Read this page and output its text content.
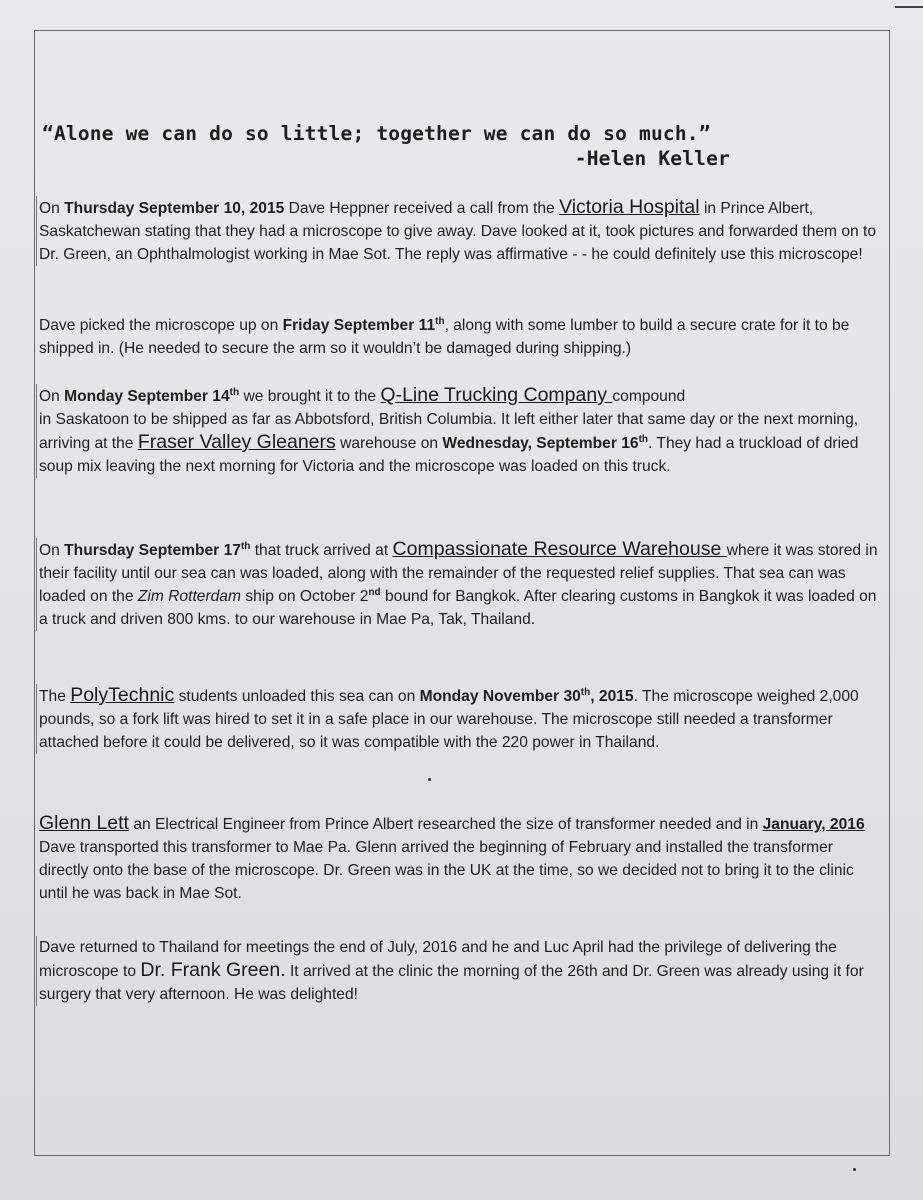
“Alone we can do so little; together we can do so much.”
-Helen Keller
On Thursday September 10, 2015 Dave Heppner received a call from the Victoria Hospital in Prince Albert, Saskatchewan stating that they had a microscope to give away. Dave looked at it, took pictures and forwarded them on to Dr. Green, an Ophthalmologist working in Mae Sot. The reply was affirmative - - he could definitely use this microscope!
Dave picked the microscope up on Friday September 11th, along with some lumber to build a secure crate for it to be shipped in. (He needed to secure the arm so it wouldn’t be damaged during shipping.)
On Monday September 14th we brought it to the Q-Line Trucking Company compound
in Saskatoon to be shipped as far as Abbotsford, British Columbia. It left either later that same day or the next morning, arriving at the Fraser Valley Gleaners warehouse on Wednesday, September 16th. They had a truckload of dried soup mix leaving the next morning for Victoria and the microscope was loaded on this truck.
On Thursday September 17th that truck arrived at Compassionate Resource Warehouse where it was stored in their facility until our sea can was loaded, along with the remainder of the requested relief supplies. That sea can was loaded on the Zim Rotterdam ship on October 2nd bound for Bangkok. After clearing customs in Bangkok it was loaded on a truck and driven 800 kms. to our warehouse in Mae Pa, Tak, Thailand.
The PolyTechnic students unloaded this sea can on Monday November 30th, 2015. The microscope weighed 2,000 pounds, so a fork lift was hired to set it in a safe place in our warehouse. The microscope still needed a transformer attached before it could be delivered, so it was compatible with the 220 power in Thailand.
Glenn Lett an Electrical Engineer from Prince Albert researched the size of transformer needed and in January, 2016 Dave transported this transformer to Mae Pa. Glenn arrived the beginning of February and installed the transformer directly onto the base of the microscope. Dr. Green was in the UK at the time, so we decided not to bring it to the clinic until he was back in Mae Sot.
Dave returned to Thailand for meetings the end of July, 2016 and he and Luc April had the privilege of delivering the microscope to Dr. Frank Green. It arrived at the clinic the morning of the 26th and Dr. Green was already using it for surgery that very afternoon. He was delighted!
